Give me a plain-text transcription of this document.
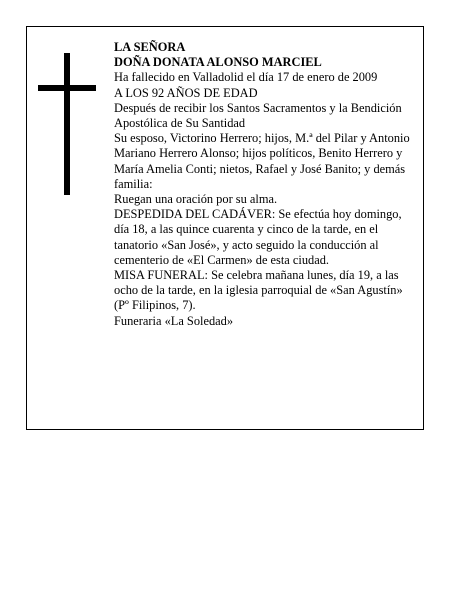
LA SEÑORA

DOÑA DONATA ALONSO MARCIEL

Ha fallecido en Valladolid el día 17 de enero de 2009

A LOS 92 AÑOS DE EDAD

Después de recibir los Santos Sacramentos y la Bendición Apostólica de Su Santidad

Su esposo, Victorino Herrero; hijos, M.ª del Pilar y Antonio Mariano Herrero Alonso; hijos políticos, Benito Herrero y María Amelia Conti; nietos, Rafael y José Banito; y demás familia:

Ruegan una oración por su alma.

DESPEDIDA DEL CADÁVER: Se efectúa hoy domingo, día 18, a las quince cuarenta y cinco de la tarde, en el tanatorio «San José», y acto seguido la conducción al cementerio de «El Carmen» de esta ciudad.

MISA FUNERAL: Se celebra mañana lunes, día 19, a las ocho de la tarde, en la iglesia parroquial de «San Agustín» (Pº Filipinos, 7).

Funeraria «La Soledad»
